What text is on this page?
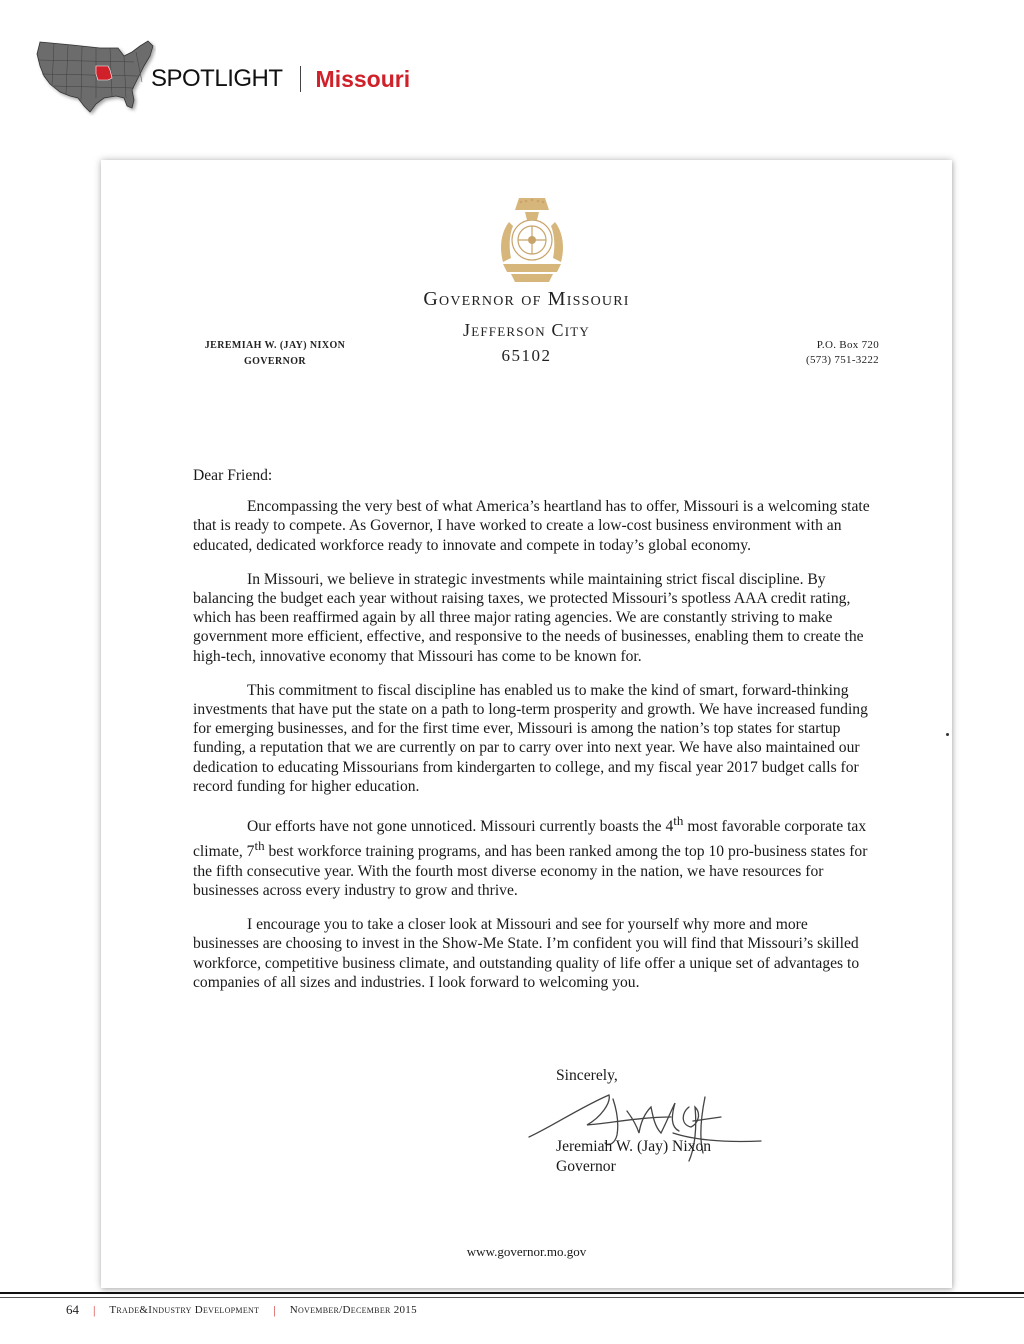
SPOTLIGHT Missouri
Governor of Missouri
Jefferson City
65102
JEREMIAH W. (JAY) NIXON
GOVERNOR
P.O. Box 720
(573) 751-3222

Dear Friend:

Encompassing the very best of what America’s heartland has to offer, Missouri is a welcoming state that is ready to compete. As Governor, I have worked to create a low-cost business environment with an educated, dedicated workforce ready to innovate and compete in today’s global economy.

In Missouri, we believe in strategic investments while maintaining strict fiscal discipline. By balancing the budget each year without raising taxes, we protected Missouri’s spotless AAA credit rating, which has been reaffirmed again by all three major rating agencies. We are constantly striving to make government more efficient, effective, and responsive to the needs of businesses, enabling them to create the high-tech, innovative economy that Missouri has come to be known for.

This commitment to fiscal discipline has enabled us to make the kind of smart, forward-thinking investments that have put the state on a path to long-term prosperity and growth. We have increased funding for emerging businesses, and for the first time ever, Missouri is among the nation’s top states for startup funding, a reputation that we are currently on par to carry over into next year. We have also maintained our dedication to educating Missourians from kindergarten to college, and my fiscal year 2017 budget calls for record funding for higher education.

Our efforts have not gone unnoticed. Missouri currently boasts the 4th most favorable corporate tax climate, 7th best workforce training programs, and has been ranked among the top 10 pro-business states for the fifth consecutive year. With the fourth most diverse economy in the nation, we have resources for businesses across every industry to grow and thrive.

I encourage you to take a closer look at Missouri and see for yourself why more and more businesses are choosing to invest in the Show-Me State. I’m confident you will find that Missouri’s skilled workforce, competitive business climate, and outstanding quality of life offer a unique set of advantages to companies of all sizes and industries. I look forward to welcoming you.

Sincerely,
Jeremiah W. (Jay) Nixon
Governor
www.governor.mo.gov
64 | Trade&Industry Development | November/December 2015
